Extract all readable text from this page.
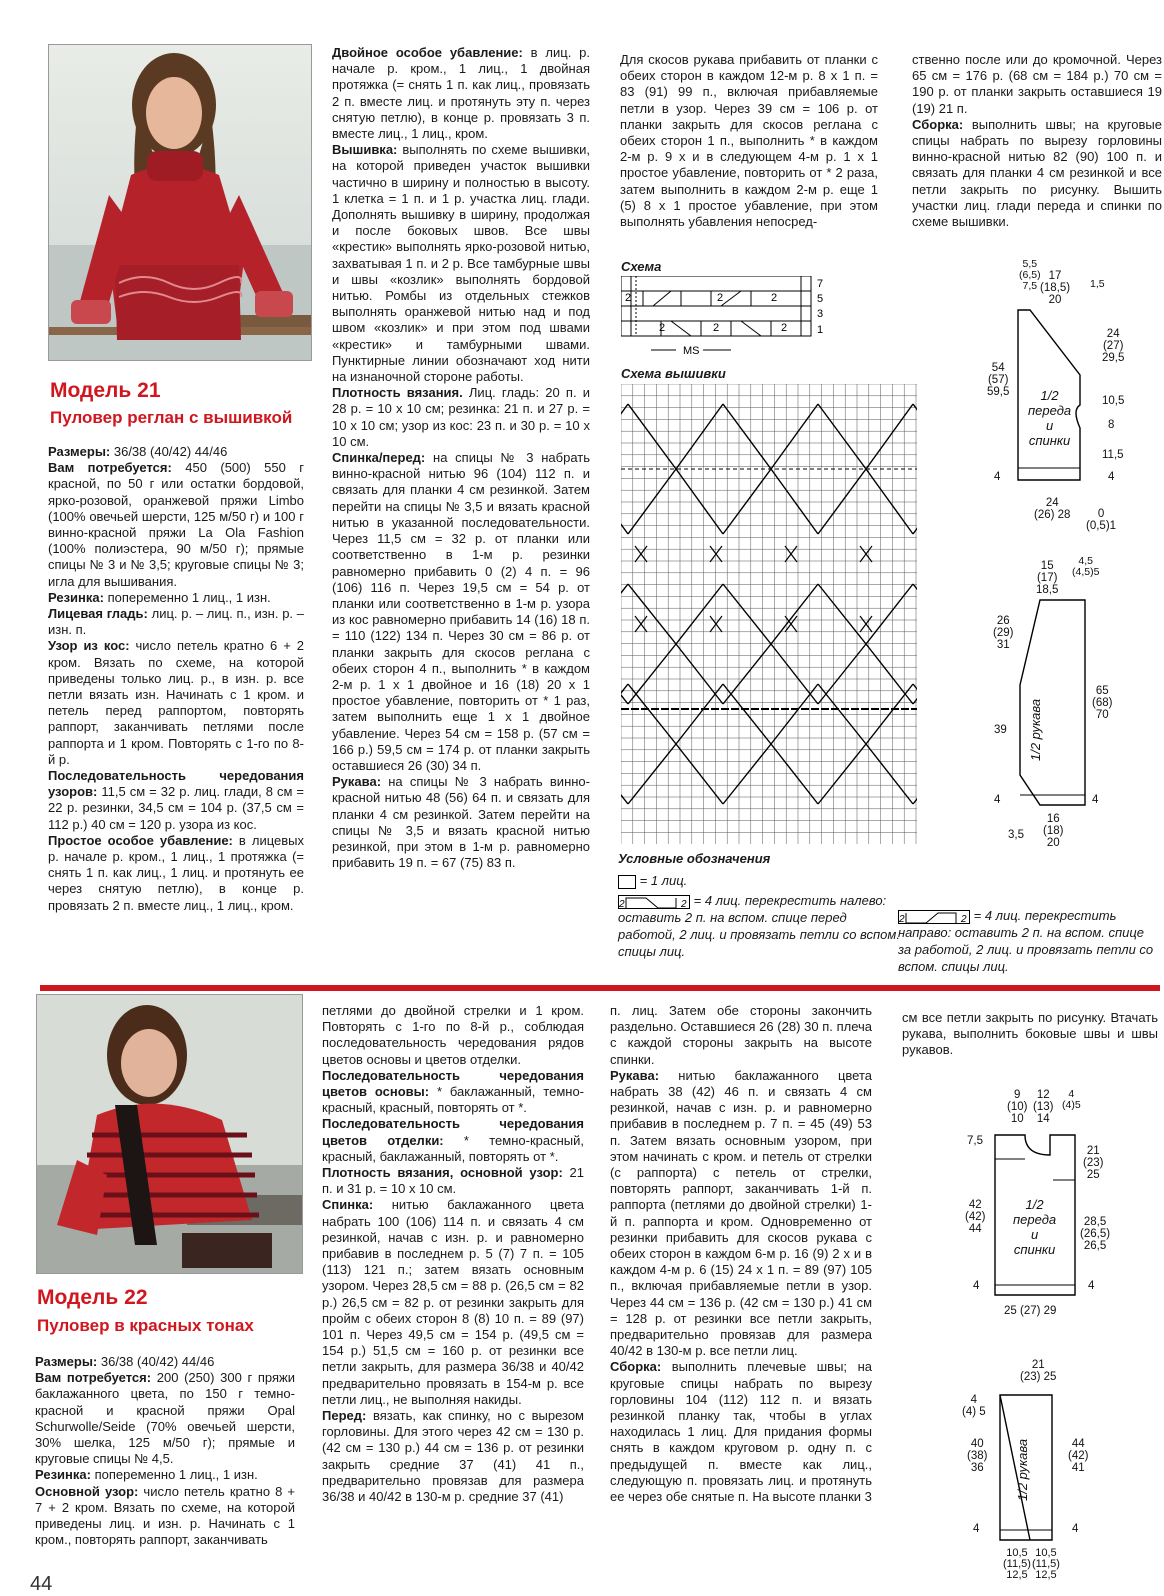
Модель 21
Пуловер реглан с вышивкой

Размеры: 36/38 (40/42) 44/46

Вам потребуется: 450 (500) 550 г красной, по 50 г или остатки бордовой, ярко-розовой, оранжевой пряжи Limbo (100% овечьей шерсти, 125 м/50 г) и 100 г винно-красной пряжи La Ola Fashion (100% полиэстера, 90 м/50 г); прямые спицы № 3 и № 3,5; круговые спицы № 3; игла для вышивания.

Резинка: попеременно 1 лиц., 1 изн.

Лицевая гладь: лиц. р. – лиц. п., изн. р. – изн. п.

Узор из кос: число петель кратно 6 + 2 кром. Вязать по схеме, на которой приведены только лиц. р., в изн. р. все петли вязать изн. Начинать с 1 кром. и петель перед раппортом, повторять раппорт, заканчивать петлями после раппорта и 1 кром. Повторять с 1-го по 8-й р.

Последовательность чередования узоров: 11,5 см = 32 р. лиц. глади, 8 см = 22 р. резинки, 34,5 см = 104 р. (37,5 см = 112 р.) 40 см = 120 р. узора из кос.

Простое особое убавление: в лицевых р. начале р. кром., 1 лиц., 1 протяжка (= снять 1 п. как лиц., 1 лиц. и протянуть ее через снятую петлю), в конце р. провязать 2 п. вместе лиц., 1 лиц., кром.

Двойное особое убавление: в лиц. р. начале р. кром., 1 лиц., 1 двойная протяжка (= снять 1 п. как лиц., провязать 2 п. вместе лиц. и протянуть эту п. через снятую петлю), в конце р. провязать 3 п. вместе лиц., 1 лиц., кром.

Вышивка: выполнять по схеме вышивки, на которой приведен участок вышивки частично в ширину и полностью в высоту. 1 клетка = 1 п. и 1 р. участка лиц. глади. Дополнять вышивку в ширину, продолжая и после боковых швов. Все швы «крестик» выполнять ярко-розовой нитью, захватывая 1 п. и 2 р. Все тамбурные швы и швы «козлик» выполнять бордовой нитью. Ромбы из отдельных стежков выполнять оранжевой нитью над и под швом «козлик» и при этом под швами «крестик» и тамбурными швами. Пунктирные линии обозначают ход нити на изнаночной стороне работы.

Плотность вязания. Лиц. гладь: 20 п. и 28 р. = 10 х 10 см; резинка: 21 п. и 27 р. = 10 х 10 см; узор из кос: 23 п. и 30 р. = 10 х 10 см.

Спинка/перед: на спицы № 3 набрать винно-красной нитью 96 (104) 112 п. и связать для планки 4 см резинкой. Затем перейти на спицы № 3,5 и вязать красной нитью в указанной последовательности. Через 11,5 см = 32 р. от планки или соответственно в 1-м р. резинки равномерно прибавить 0 (2) 4 п. = 96 (106) 116 п. Через 19,5 см = 54 р. от планки или соответственно в 1-м р. узора из кос равномерно прибавить 14 (16) 18 п. = 110 (122) 134 п. Через 30 см = 86 р. от планки закрыть для скосов реглана с обеих сторон 4 п., выполнить * в каждом 2-м р. 1 х 1 двойное и 16 (18) 20 х 1 простое убавление, повторить от * 1 раз, затем выполнить еще 1 х 1 двойное убавление. Через 54 см = 158 р. (57 см = 166 р.) 59,5 см = 174 р. от планки закрыть оставшиеся 26 (30) 34 п.

Рукава: на спицы № 3 набрать винно-красной нитью 48 (56) 64 п. и связать для планки 4 см резинкой. Затем перейти на спицы № 3,5 и вязать красной нитью резинкой, при этом в 1-м р. равномерно прибавить 19 п. = 67 (75) 83 п.

Для скосов рукава прибавить от планки с обеих сторон в каждом 12-м р. 8 х 1 п. = 83 (91) 99 п., включая прибавляемые петли в узор. Через 39 см = 106 р. от планки закрыть для скосов реглана с обеих сторон 1 п., выполнить * в каждом 2-м р. 9 х и в следующем 4-м р. 1 х 1 простое убавление, повторить от * 2 раза, затем выполнить в каждом 2-м р. еще 1 (5) 8 х 1 простое убавление, при этом выполнять убавления непосред-

Схема
2	2	2
2	2	2
7
5
3
1
MS
Схема вышивки
Условные обозначения
= 1 лиц.
2	2 = 4 лиц. перекрестить налево: оставить 2 п. на вспом. спице перед работой, 2 лиц. и провязать петли со вспом. спицы лиц.
2	2 = 4 лиц. перекрестить направо: оставить 2 п. на вспом. спице за работой, 2 лиц. и провязать петли со вспом. спицы лиц.

ственно после или до кромочной. Через 65 см = 176 р. (68 см = 184 р.) 70 см = 190 р. от планки закрыть оставшиеся 19 (19) 21 п.

Сборка: выполнить швы; на круговые спицы набрать по вырезу горловины винно-красной нитью 82 (90) 100 п. и связать для планки 4 см резинкой и все петли закрыть по рисунку. Вышить участки лиц. глади переда и спинки по схеме вышивки.

5,5
(6,5)
7,5
17
(18,5)
20
1,5
24
(27)
29,5
54
(57)
59,5
10,5
8
11,5
1/2
переда
и
спинки
4	4
24
(26) 28	0
(0,5)1
15
(17)
18,5
4,5
(4,5)5
26
(29)
31
65
(68)
70
39 1/2 рукава
4	4
3,5
16
(18)
20
Модель 22
Пуловер в красных тонах

Размеры: 36/38 (40/42) 44/46

Вам потребуется: 200 (250) 300 г пряжи баклажанного цвета, по 150 г темно-красной и красной пряжи Opal Schurwolle/Seide (70% овечьей шерсти, 30% шелка, 125 м/50 г); прямые и круговые спицы № 4,5.

Резинка: попеременно 1 лиц., 1 изн.

Основной узор: число петель кратно 8 + 7 + 2 кром. Вязать по схеме, на которой приведены лиц. и изн. р. Начинать с 1 кром., повторять раппорт, заканчивать

петлями до двойной стрелки и 1 кром. Повторять с 1-го по 8-й р., соблюдая последовательность чередования рядов цветов основы и цветов отделки.

Последовательность чередования цветов основы: * баклажанный, темно-красный, красный, повторять от *.

Последовательность чередования цветов отделки: * темно-красный, красный, баклажанный, повторять от *.

Плотность вязания, основной узор: 21 п. и 31 р. = 10 х 10 см.

Спинка: нитью баклажанного цвета набрать 100 (106) 114 п. и связать 4 см резинкой, начав с изн. р. и равномерно прибавив в последнем р. 5 (7) 7 п. = 105 (113) 121 п.; затем вязать основным узором. Через 28,5 см = 88 р. (26,5 см = 82 р.) 26,5 см = 82 р. от резинки закрыть для пройм с обеих сторон 8 (8) 10 п. = 89 (97) 101 п. Через 49,5 см = 154 р. (49,5 см = 154 р.) 51,5 см = 160 р. от резинки все петли закрыть, для размера 36/38 и 40/42 предварительно провязать в 154-м р. все петли лиц., не выполняя накиды.

Перед: вязать, как спинку, но с вырезом горловины. Для этого через 42 см = 130 р. (42 см = 130 р.) 44 см = 136 р. от резинки закрыть средние 37 (41) 41 п., предварительно провязав для размера 36/38 и 40/42 в 130-м р. средние 37 (41)

п. лиц. Затем обе стороны закончить раздельно. Оставшиеся 26 (28) 30 п. плеча с каждой стороны закрыть на высоте спинки.

Рукава: нитью баклажанного цвета набрать 38 (42) 46 п. и связать 4 см резинкой, начав с изн. р. и равномерно прибавив в последнем р. 7 п. = 45 (49) 53 п. Затем вязать основным узором, при этом начинать с кром. и петель от стрелки (с раппорта) с петель от стрелки, повторять раппорт, заканчивать 1-й п. раппорта (петлями до двойной стрелки) 1-й п. раппорта и кром. Одновременно от резинки прибавить для скосов рукава с обеих сторон в каждом 6-м р. 16 (9) 2 х и в каждом 4-м р. 6 (15) 24 х 1 п. = 89 (97) 105 п., включая прибавляемые петли в узор. Через 44 см = 136 р. (42 см = 130 р.) 41 см = 128 р. от резинки все петли закрыть, предварительно провязав для размера 40/42 в 130-м р. все петли лиц.

Сборка: выполнить плечевые швы; на круговые спицы набрать по вырезу горловины 104 (112) 112 п. и вязать резинкой планку так, чтобы в углах находилась 1 лиц. Для придания формы снять в каждом круговом р. одну п. с предыдущей п. вместе как лиц., следующую п. провязать лиц. и протянуть ее через обе снятые п. На высоте планки 3

см все петли закрыть по рисунку. Втачать рукава, выполнить боковые швы и швы рукавов.

9
(10)
10
12
(13)
14
4
(4)5
7,5
21
(23)
25
42
(42)
44
28,5
(26,5)
26,5
1/2
переда
и
спинки
4	4
25 (27) 29
21
(23) 25
4
(4) 5
40
(38)
36
44
(42)
41
1/2 рукава
4	4
10,5
(11,5)
12,5
10,5
(11,5)
12,5
44
